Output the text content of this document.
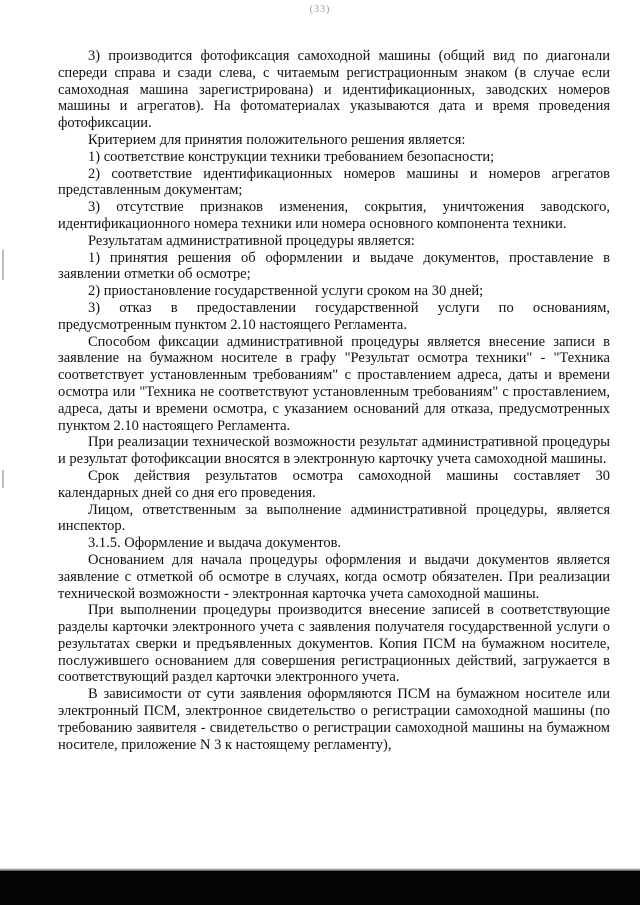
(33)

3) производится фотофиксация самоходной машины (общий вид по диагонали спереди справа и сзади слева, с читаемым регистрационным знаком (в случае если самоходная машина зарегистрирована) и идентификационных, заводских номеров машины и агрегатов). На фотоматериалах указываются дата и время проведения фотофиксации.

Критерием для принятия положительного решения является:

1) соответствие конструкции техники требованием безопасности;

2) соответствие идентификационных номеров машины и номеров агрегатов представленным документам;

3) отсутствие признаков изменения, сокрытия, уничтожения заводского, идентификационного номера техники или номера основного компонента техники.

Результатам административной процедуры является:

1) принятия решения об оформлении и выдаче документов, проставление в заявлении отметки об осмотре;

2) приостановление государственной услуги сроком на 30 дней;

3) отказ в предоставлении государственной услуги по основаниям, предусмотренным пунктом 2.10 настоящего Регламента.

Способом фиксации административной процедуры является внесение записи в заявление на бумажном носителе в графу "Результат осмотра техники" - "Техника соответствует установленным требованиям" с проставлением адреса, даты и времени осмотра или "Техника не соответствуют установленным требованиям" с проставлением, адреса, даты и времени осмотра, с указанием оснований для отказа, предусмотренных пунктом 2.10 настоящего Регламента.

При реализации технической возможности результат административной процедуры и результат фотофиксации вносятся в электронную карточку учета самоходной машины.

Срок действия результатов осмотра самоходной машины составляет 30 календарных дней со дня его проведения.

Лицом, ответственным за выполнение административной процедуры, является инспектор.

3.1.5. Оформление и выдача документов.

Основанием для начала процедуры оформления и выдачи документов является заявление с отметкой об осмотре в случаях, когда осмотр обязателен. При реализации технической возможности - электронная карточка учета самоходной машины.

При выполнении процедуры производится внесение записей в соответствующие разделы карточки электронного учета с заявления получателя государственной услуги о результатах сверки и предъявленных документов. Копия ПСМ на бумажном носителе, послужившего основанием для совершения регистрационных действий, загружается в соответствующий раздел карточки электронного учета.

В зависимости от сути заявления оформляются ПСМ на бумажном носителе или электронный ПСМ, электронное свидетельство о регистрации самоходной машины (по требованию заявителя - свидетельство о регистрации самоходной машины на бумажном носителе, приложение N 3 к настоящему регламенту),
